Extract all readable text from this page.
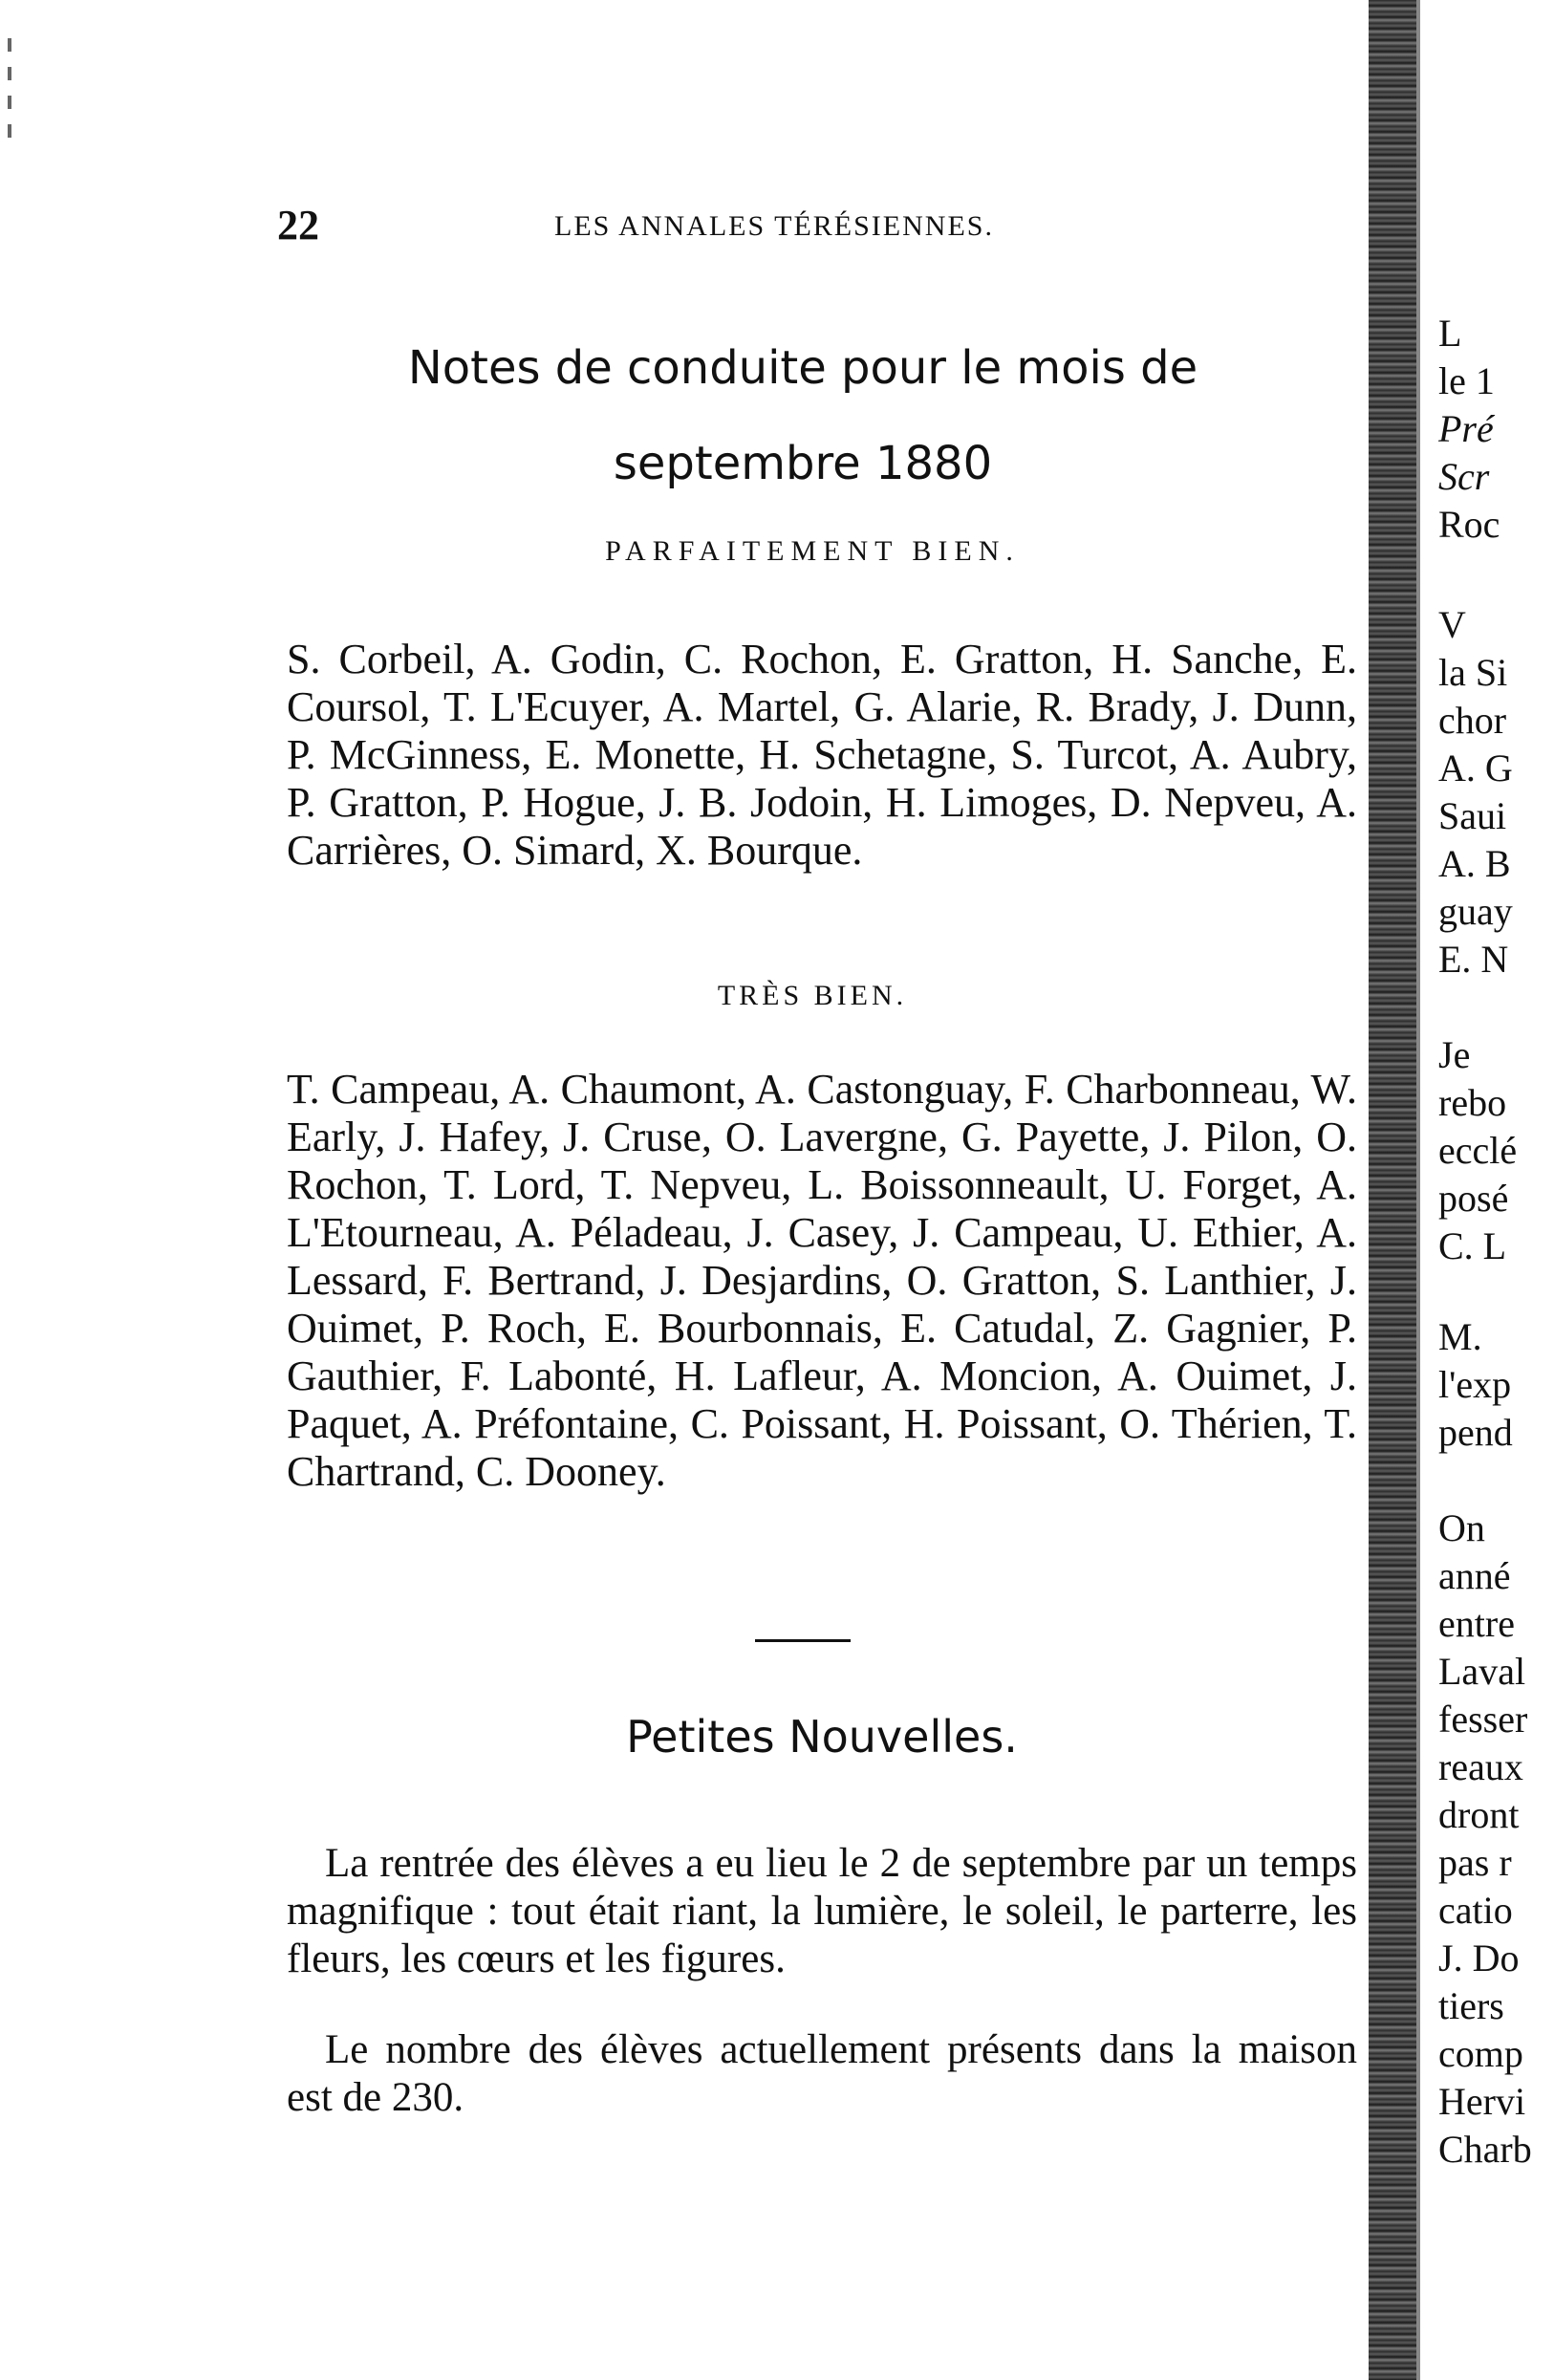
22	LES ANNALES TÉRÉSIENNES.
Notes de conduite pour le mois de
septembre 1880
PARFAITEMENT BIEN.

S. Corbeil, A. Godin, C. Rochon, E. Gratton, H. Sanche, E. Coursol, T. L'Ecuyer, A. Martel, G. Alarie, R. Brady, J. Dunn, P. McGinness, E. Monette, H. Schetagne, S. Turcot, A. Aubry, P. Gratton, P. Hogue, J. B. Jodoin, H. Limoges, D. Nepveu, A. Carrières, O. Simard, X. Bourque.

TRÈS BIEN.

T. Campeau, A. Chaumont, A. Castonguay, F. Charbonneau, W. Early, J. Hafey, J. Cruse, O. Lavergne, G. Payette, J. Pilon, O. Rochon, T. Lord, T. Nepveu, L. Boissonneault, U. Forget, A. L'Etourneau, A. Péladeau, J. Casey, J. Campeau, U. Ethier, A. Lessard, F. Bertrand, J. Desjardins, O. Gratton, S. Lanthier, J. Ouimet, P. Roch, E. Bourbonnais, E. Catudal, Z. Gagnier, P. Gauthier, F. Labonté, H. Lafleur, A. Moncion, A. Ouimet, J. Paquet, A. Préfontaine, C. Poissant, H. Poissant, O. Thérien, T. Chartrand, C. Dooney.

Petites Nouvelles.

La rentrée des élèves a eu lieu le 2 de septembre par un temps magnifique : tout était riant, la lumière, le soleil, le parterre, les fleurs, les cœurs et les figures.

Le nombre des élèves actuellement présents dans la maison est de 230.

L
le 1
Pré
Scr
Roc
V
la Si
chor
A. G
Saui
A. B
guay
E. N
Je
rebo
ecclé
posé
C. L
M.
l'exp
pend
On
anné
entre
Laval
fesser
reaux
dront
pas r
catio
J. Do
tiers
comp
Hervi
Charb
